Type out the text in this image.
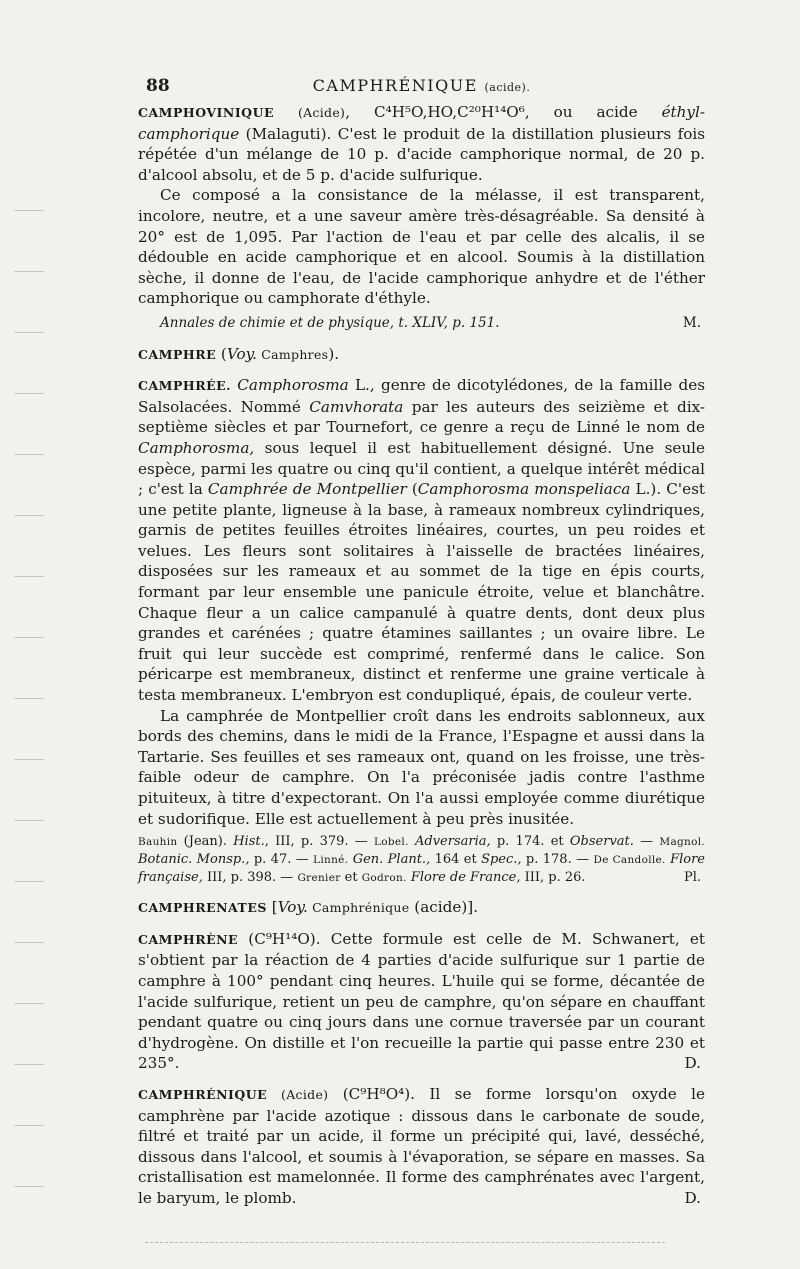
88	CAMPHRÉNIQUE (acide).

CAMPHOVINIQUE (Acide), C⁴H⁵O,HO,C²⁰H¹⁴O⁶, ou acide éthyl-camphorique (Malaguti). C'est le produit de la distillation plusieurs fois répétée d'un mélange de 10 p. d'acide camphorique normal, de 20 p. d'alcool absolu, et de 5 p. d'acide sulfurique.

Ce composé a la consistance de la mélasse, il est transparent, incolore, neutre, et a une saveur amère très-désagréable. Sa densité à 20° est de 1,095. Par l'action de l'eau et par celle des alcalis, il se dédouble en acide camphorique et en alcool. Soumis à la distillation sèche, il donne de l'eau, de l'acide camphorique anhydre et de l'éther camphorique ou camphorate d'éthyle.

Annales de chimie et de physique, t. XLIV, p. 151.	M.

CAMPHRE (Voy. Camphres).

CAMPHRÉE. Camphorosma L., genre de dicotylédones, de la famille des Salsolacées. Nommé Camvhorata par les auteurs des seizième et dix-septième siècles et par Tournefort, ce genre a reçu de Linné le nom de Camphorosma, sous lequel il est habituellement désigné. Une seule espèce, parmi les quatre ou cinq qu'il contient, a quelque intérêt médical ; c'est la Camphrée de Montpellier (Camphorosma monspeliaca L.). C'est une petite plante, ligneuse à la base, à rameaux nombreux cylindriques, garnis de petites feuilles étroites linéaires, courtes, un peu roides et velues. Les fleurs sont solitaires à l'aisselle de bractées linéaires, disposées sur les rameaux et au sommet de la tige en épis courts, formant par leur ensemble une panicule étroite, velue et blanchâtre. Chaque fleur a un calice campanulé à quatre dents, dont deux plus grandes et carénées ; quatre étamines saillantes ; un ovaire libre. Le fruit qui leur succède est comprimé, renfermé dans le calice. Son péricarpe est membraneux, distinct et renferme une graine verticale à testa membraneux. L'embryon est condupliqué, épais, de couleur verte.

La camphrée de Montpellier croît dans les endroits sablonneux, aux bords des chemins, dans le midi de la France, l'Espagne et aussi dans la Tartarie. Ses feuilles et ses rameaux ont, quand on les froisse, une très-faible odeur de camphre. On l'a préconisée jadis contre l'asthme pituiteux, à titre d'expectorant. On l'a aussi employée comme diurétique et sudorifique. Elle est actuellement à peu près inusitée.

Bauhin (Jean). Hist., III, p. 379. — Lobel. Adversaria, p. 174. et Observat. — Magnol. Botanic. Monsp., p. 47. — Linné. Gen. Plant., 164 et Spec., p. 178. — De Candolle. Flore française, III, p. 398. — Grenier et Godron. Flore de France, III, p. 26.	Pl.

CAMPHRENATES [Voy. Camphrénique (acide)].

CAMPHRÈNE (C⁹H¹⁴O). Cette formule est celle de M. Schwanert, et s'obtient par la réaction de 4 parties d'acide sulfurique sur 1 partie de camphre à 100° pendant cinq heures. L'huile qui se forme, décantée de l'acide sulfurique, retient un peu de camphre, qu'on sépare en chauffant pendant quatre ou cinq jours dans une cornue traversée par un courant d'hydrogène. On distille et l'on recueille la partie qui passe entre 230 et 235°.	D.

CAMPHRÉNIQUE (Acide) (C⁹H⁸O⁴). Il se forme lorsqu'on oxyde le camphrène par l'acide azotique : dissous dans le carbonate de soude, filtré et traité par un acide, il forme un précipité qui, lavé, desséché, dissous dans l'alcool, et soumis à l'évaporation, se sépare en masses. Sa cristallisation est mamelonnée. Il forme des camphrénates avec l'argent, le baryum, le plomb.	D.
